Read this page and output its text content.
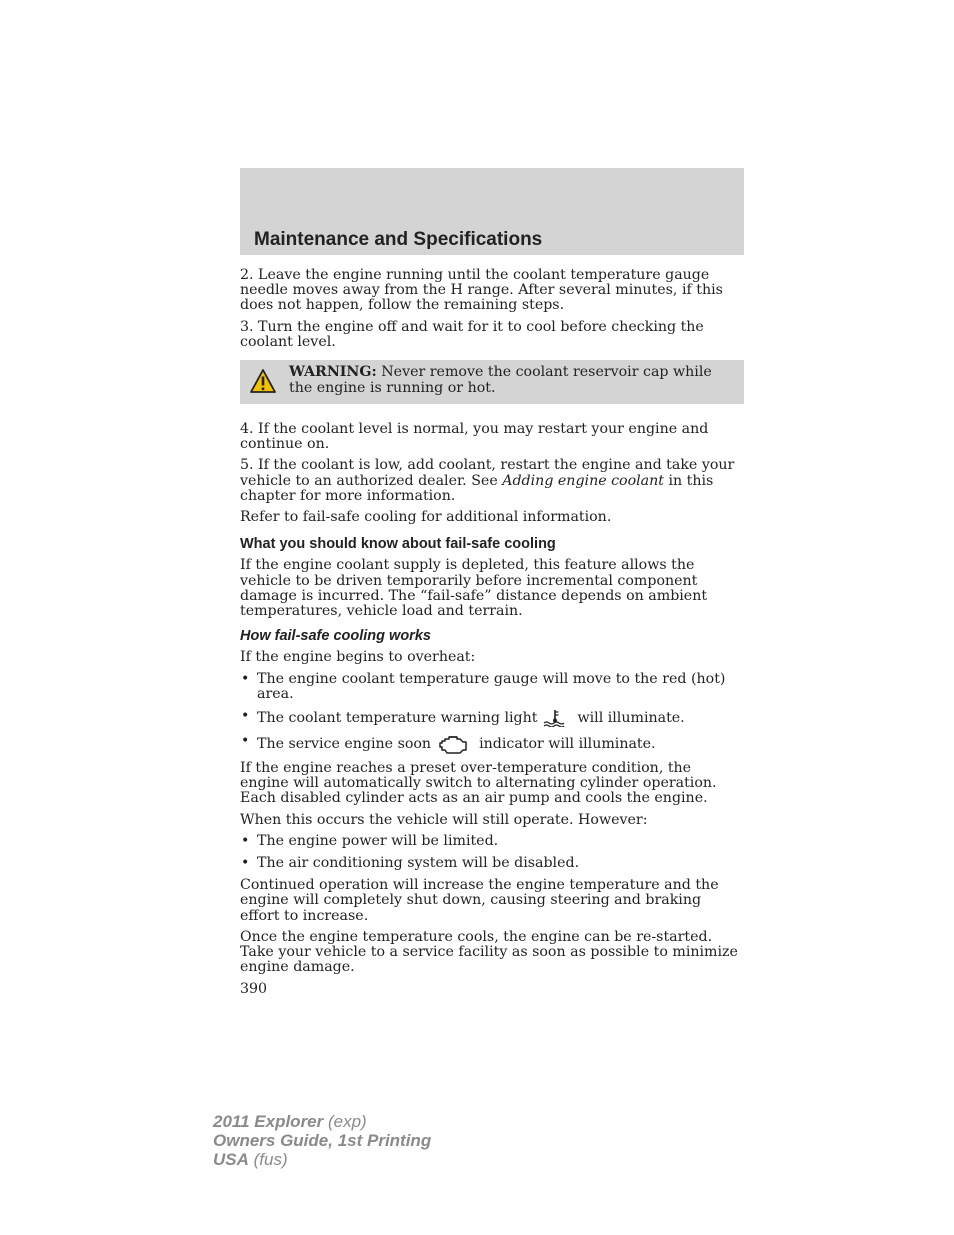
Maintenance and Specifications

2. Leave the engine running until the coolant temperature gauge needle moves away from the H range. After several minutes, if this does not happen, follow the remaining steps.

3. Turn the engine off and wait for it to cool before checking the coolant level.

WARNING: Never remove the coolant reservoir cap while the engine is running or hot.

4. If the coolant level is normal, you may restart your engine and continue on.

5. If the coolant is low, add coolant, restart the engine and take your vehicle to an authorized dealer. See Adding engine coolant in this chapter for more information.

Refer to fail-safe cooling for additional information.

What you should know about fail-safe cooling

If the engine coolant supply is depleted, this feature allows the vehicle to be driven temporarily before incremental component damage is incurred. The “fail-safe” distance depends on ambient temperatures, vehicle load and terrain.

How fail-safe cooling works

If the engine begins to overheat:

• The engine coolant temperature gauge will move to the red (hot) area.
• The coolant temperature warning light	will illuminate.
• The service engine soon	indicator will illuminate.

If the engine reaches a preset over-temperature condition, the engine will automatically switch to alternating cylinder operation. Each disabled cylinder acts as an air pump and cools the engine.

When this occurs the vehicle will still operate. However:

• The engine power will be limited.
• The air conditioning system will be disabled.

Continued operation will increase the engine temperature and the engine will completely shut down, causing steering and braking effort to increase.

Once the engine temperature cools, the engine can be re-started. Take your vehicle to a service facility as soon as possible to minimize engine damage.

390
2011 Explorer (exp)
Owners Guide, 1st Printing
USA (fus)
